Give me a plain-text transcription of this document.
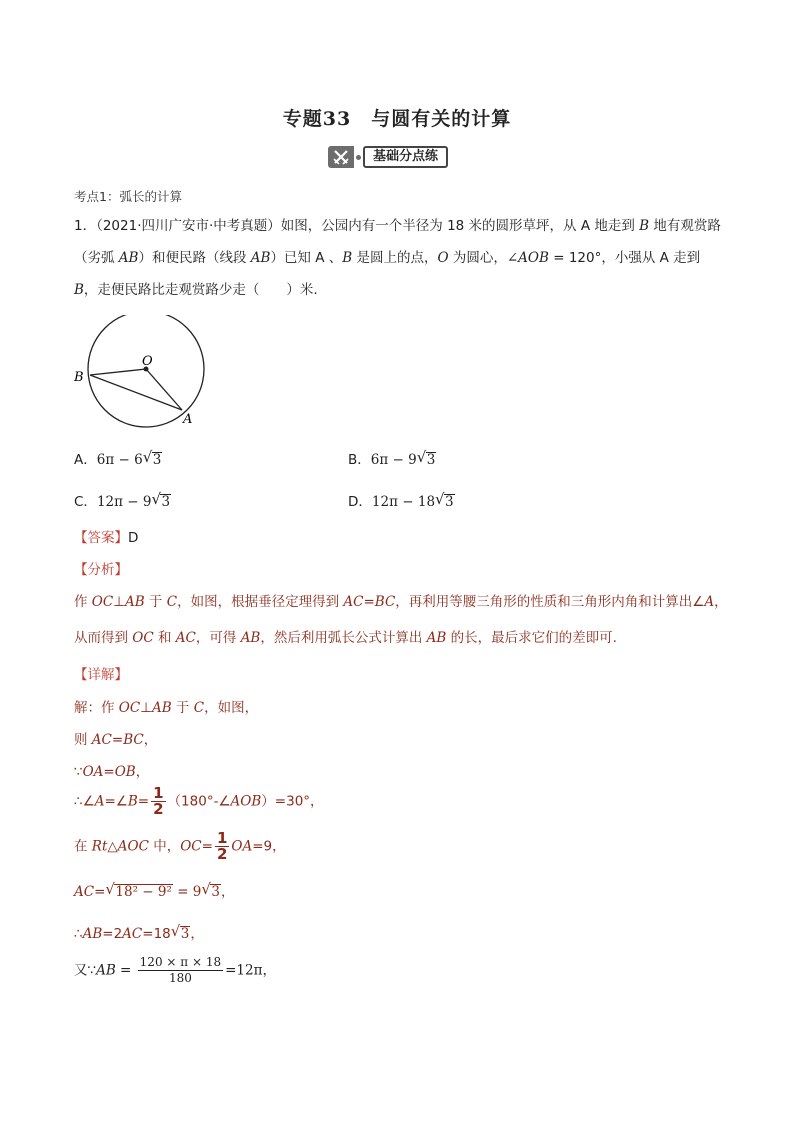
专题33　与圆有关的计算
基础分点练
考点1：弧长的计算
1．（2021·四川广安市·中考真题）如图，公园内有一个半径为 18 米的圆形草坪，从 A 地走到 B 地有观赏路
（劣弧 AB）和便民路（线段 AB）已知 A 、B 是圆上的点，O 为圆心，∠AOB = 120°，小强从 A 走到
B，走便民路比走观赏路少走（　　）米.
O
B
A
A．6π − 6 √ 3	B．6π − 9 √ 3
C．12π − 9 √ 3	D．12π − 18 √ 3
【答案】D
【分析】
作 OC⊥AB 于 C，如图，根据垂径定理得到 AC=BC，再利用等腰三角形的性质和三角形内角和计算出∠A，
从而得到 OC 和 AC，可得 AB，然后利用弧长公式计算出 AB 的长，最后求它们的差即可.
【详解】
解：作 OC⊥AB 于 C，如图，
则 AC=BC，
∵OA=OB，
∴∠A=∠B= $\frac{1}{2}$ （180°-∠AOB）=30°，
在 Rt△AOC 中，$OC= \frac{1}{2} OA=9$，
AC= √ 18² − 9² = 9 √ 3，
∴AB=2AC=18 √ 3，
又∵AB = $\frac{120 \times \pi \times 18}{180} =12\pi$，
